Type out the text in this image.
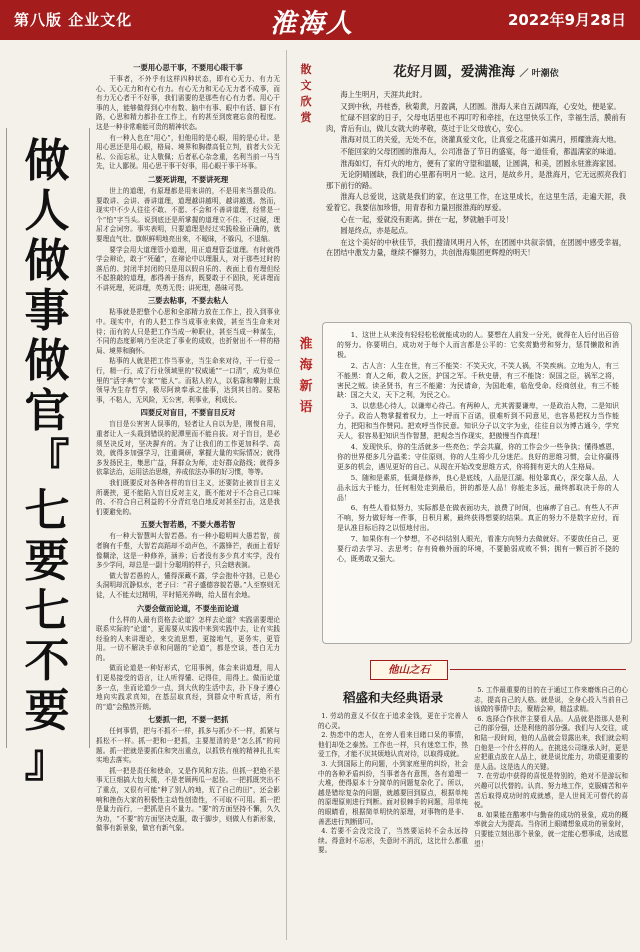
第八版 企业文化	淮海人	2022年9月28日
做
人
做
事
做
官
『
七
要
七
不
要
』
一要用心思干事，不要用心眼干事

干事者，不外乎有这样四种状态，即有心无力、有力无心、无心无力和有心有力。有心无力和无心无力者不成事，而有力无心者干不好事，我们需要的是那些有心有力者。用心干事的人，能够做得到心中有数、脑中有事、眼中有活、脚下有路，心思和精力都扑在工作上，有的甚至到废寝忘食的程度。这是一种非常难能可贵的精神状态。

有一种人也在“用心”，但他用的是心眼，用的是心计。是用心思还是用心眼，格局、境界和胸襟高低立判，前者大公无私、公而忘私，让人敬佩；后者私心杂念重，名利当前一马当先，让人鄙视。用心思干事干好事，用心眼干事干坏事。

二要死讲理，不要讲死理

世上的道理，有原理都是用来讲的，不是用来当摆设的。要敢讲、会讲、善讲道理，道理越讲越明，越讲越透。然而，现实中不少人往往不敢、不愿、不会和不善讲道理，经常是一个“怕”字当头。说到底还是所掌握的道理立不住、不过硬，理屈才会词穷。事实表明，只要道理是经过实践检验正确的，就要理直气壮、旗帜鲜明地亮出来，不暧昧，不躲闪，不退缩。

要学会用大道理管小道理，用正道理管歪道理。有时就得学会辩论，敢于“死磕”，在辩论中以理服人，对于那些过时的落后的、封闭半封闭的只是用以假自乐的、表面上看有理但经不起推敲的道理，都得善于扬弃，既要敢于不固执，死讲理而不讲死理，死讲理，英勇无畏；讲死理，愚昧可畏。

三要去粘事，不要去粘人

粘事就是把整个心思和全部精力放在工作上，投入到事业中。现实中，有的人把工作当成事业来做，甚至当生命来对待；而有的人只是把工作当成一种职业，甚至当成一种谋生，不同的态度影响乃至决定了事业的成败，也折射出不一样的格局、境界和胸怀。

粘事的人就是把工作当事业，当生命来对待，干一行爱一行，精一行，成了行业领域里的“权威通”“一口清”，成为单位里的“活字典”“专家”“能人”。而粘人的人，以粘靠和攀附上级领导为生存哲学，极尽阿谀奉承之能事，达到其目的。要粘事，不粘人，无风险，无公害，利事业，利成长。

四要反对盲目，不要盲目反对

盲目是公害害人误事的，轻者让人自以为是，刚愎自用，重者让人一头栽到错误的泥潭里而不能自拔。对于盲目，是必须坚决反对，坚决摒弃的。为了让我们的工作更加科学、高效，就得多加强学习，注重调研，掌握大量的实际情况；就得多发扬民主，集思广益，拜群众为师，走好群众路线；就得多依靠法治，运用法治思维，养成依法办事的好习惯，等等。

我们既要反对各种各样的盲目主义，还要防止被盲目主义所裹挟，更不能陷入盲目反对主义，既不能对于不合自己口味的、不符合自己利益的不分青红皂白地反对甚至打击，这是我们要避免的。

五要大智若愚，不要大愚若智

有一种大智慧叫大智若愚。有一种小聪明叫大愚若智，前者胸有千壑，大智若高蹈却不动声色，不露锋芒，表面上看好像糊涂，这是一种修养，涵养；后者没有多少真才实学，没有多少学问，却总是一副十分聪明的样子，只会瞎表演。

做大智若愚的人，懂得深藏不露，学会抱朴守拙，已是心头洞明却沉静似水，老子曰：“君子盛德容貌若愚。”人至察则无徒，人不能太过精明，平时韬光养晦，给人留有余地。

六要会做而论道，不要坐而论道

什么样的人最有资格去论道？怎样去论道？实践需要理论联系实际的“论道”，更需要从实践中来到实践中去，让有实践经验的人来讲理论，来交流思想，更接地气，更务实，更管用。一切不解决手卓和问题的“论道”，都是空谈，苍白无力的。

做而论道是一种好形式，它用事例，体会来讲道理，用人们更易接受的语言，让人听得懂、记得住，用得上。做而论道多一点，坐而论道少一点，到大伙的生活中去，扑下身子遵心地向实践求真知，在基层取真经，到群众中听真话，所有的“道”会酷然开朗。

七要抓一把，不要一把抓

任何事情，把与不抓不一样，抓多与抓少不一样，抓紧与抓松不一样。抓一把和一把抓，主要厘清的是“怎么抓”的问题。抓一把就是要抓住和突出重点，以抓铁有痕的精神扎扎实实地去落实。

抓一把是责任和使命，又是作风和方法。但抓一把绝不是事无巨细搞大包大揽，不是老顾两瓜一起捡。一把抓既突出不了重点，又很有可能“种了别人的地，荒了自己的田”，还会影响和挫伤大家的积极性主动性创造性，不可取不可用。抓一把是量力而行，一把抓是自不量力。“要”的方面坚持不懈，久久为功，“不要”的方面坚决克服，敢于脚步，则做人有新形象，做事有新景象，做官有新气象。

散文欣赏
花好月圆，爱满淮海 ／ 叶潮依

海上生明月，天涯共此时。

又到中秋，丹桂香，秋菊黄，月盈满，人团圆。淮海人来自五湖四海，心安处，便是家。

忙碌不回家的日子，父母电话里也不再叮咛和牵挂，在这里快乐工作，幸福生活，膜前有肉，背后有山，做儿女就大的孝敬，莫过于让父母放心，安心。

淮海对员工的关爱，无处不在，浇灌真爱文化，让真爱之花盛开如满月，照耀淮海大地。

不能回家的父母团圆的淮海人，公司准备了节日的盛宴，每一道佳肴，都温满家的味道。

淮海如灯，有灯火的地方，便有了家的守望和温暖，让圆满，和美，团圆永驻淮海家园。

无论阴晴圆缺，我们的心里都有明月一轮。这月，是故乡月，是淮海月，它无远照亮我们那下前行的路。

淮海人总爱说，这就是我们的家，在这里工作，在这里成长，在这里生活，走遍天涯，我爱着它。我要信加珍惜，用青春和力量回报淮海的厚爱。

心在一起，爱就没有距离。拼在一起，梦就触手可及！

圆是终点，亦是起点。

在这个美好的中秋佳节，我们搜清风明月入怀，在团圆中共叙亲情，在团圆中感受幸福，在团结中激发力量，继续不懈努力，共创淮海集团更辉煌的明天！

淮海新语

1、这世上从来没有轻轻松松就能成功的人。要想在人前发一分光，就得在人后付出百倍的努力。你要明白，成功对于每个人而言都是公平的：它奖赏勤劳和努力，惩罚懒散和消极。

2、古人言：人生在世，有三不能笑：不笑天灾，不笑人祸，不笑疾病。立地为人，有三不能黑：育人之师，救人之医，护国之军。千秋史册，有三不能饶：误国之臣，祸军之将，害民之贼。读圣贤书，有三不能避：为民请命，为国赴难，临危受命。经商创业，有三不能缺：国之大义，天下之利，为民之心。

3、以慈悲心待人，以谦卑心待己。有两种人，尤其需要谦卑，一是政治人物，二是知识分子。政治人物掌握着权力，上一呼而下百诺，很难听到不同意见，也容易把权力当作能力，把阳和当作赞同。把欢呼当作民意。知识分子以文字为业，往往自以为博古通今，学究天人，很容易犯知识当作智慧，把观念当作现实，把傲慢当作真理！

4、发现快乐，你的生活就多一些亮色；学会共赢，你的工作会少一些争执；懂得感恩，你的世界便多几分温柔；守住原则，你的人生将少几分迷茫。良好的思维习惯，会让你赢得更多的机会，遇见更好的自己。从现在开始改变思维方式，你将拥有更大的人生格局。

5、随和是素质，低调是修养，良心是底线，人品是江湖。相处靠真心，深交靠人品，人品永远大于能力，任何相处走到最后，拼的都是人品！你能走多远，最终都取决于你的人品！

6、有些人看似努力，实际都是在做表面功夫，浪费了时间，也麻痹了自己。有些人不声不响，努力做好每一件事，日积月累，最终获得想要的结果。真正的努力不是数字应付，而是认准目标后持之以恒地付出。

7、如果你有一个梦想，不必纠结别人眼光，看准方向努力去做就好。不要放任自己，更要行动去学习、去思考；存有倚赖外面的环境，不要脆弱成败不惧；拥有一颗百折不挠的心，既勇敢又强大。

他山之石
稻盛和夫经典语录

1. 劳动的意义不仅在于追求金钱，更在于完善人的心灵。

2. 热恋中的恋人，在旁人看来目睹口呆的事情，他们却处之泰然。工作也一样，只有迷恋工作，热爱工作，才能不厌其烦地认真对待，以取得成就。

3. 大到国际上的问题，小到家庭里的纠纷，社会中的各种矛盾纠纷，当事者各有意图，各有道理一大堆，使得原本十分简单的问题复杂化了。所以，越是错综复杂的问题，就越要回到原点，根据单纯的原理原则进行判断。面对很棘手的问题，用单纯的眼睛看，根据简单明快的原理，对事物的是非、善恶进行判断即可。

4. 若要不会没完没了，当然要运转不会永远持续。得意时不忘形，失意时不消沉，这比什么都重要。

5. 工作最重要的目的在于通过工作来磨炼自己的心志，提高自己的人格。就是说，全身心投入当前自己该做的事情中去，聚精会神，精益求精。

6. 选择合作伙伴主要看人品。人品就是指那人是利己的部分强，还是利他的部分强。我们与人交往，或和陆一段时间，他的人品就会显露出来，我们就会明白他是一个什么样的人。在挑选公司继承人时，更是应把重点放在人品上，就是说比能力，功绩更重要的是人品。这是选人的关键。

7. 在劳动中获得的喜悦是特别的，绝对不是游玩和兴趣可以代替的。认真、努力地工作，克服痛苦和辛苦后取得成功时的成就感，是人世间无可替代的喜悦。

8. 如果能在酷寒中与勤奋的成功的景象，成功的概率就会大为提高。当你团上眼睛想象成功的景象时，只要能立刻出那个景象，就一定能心想事成，达成愿望！
